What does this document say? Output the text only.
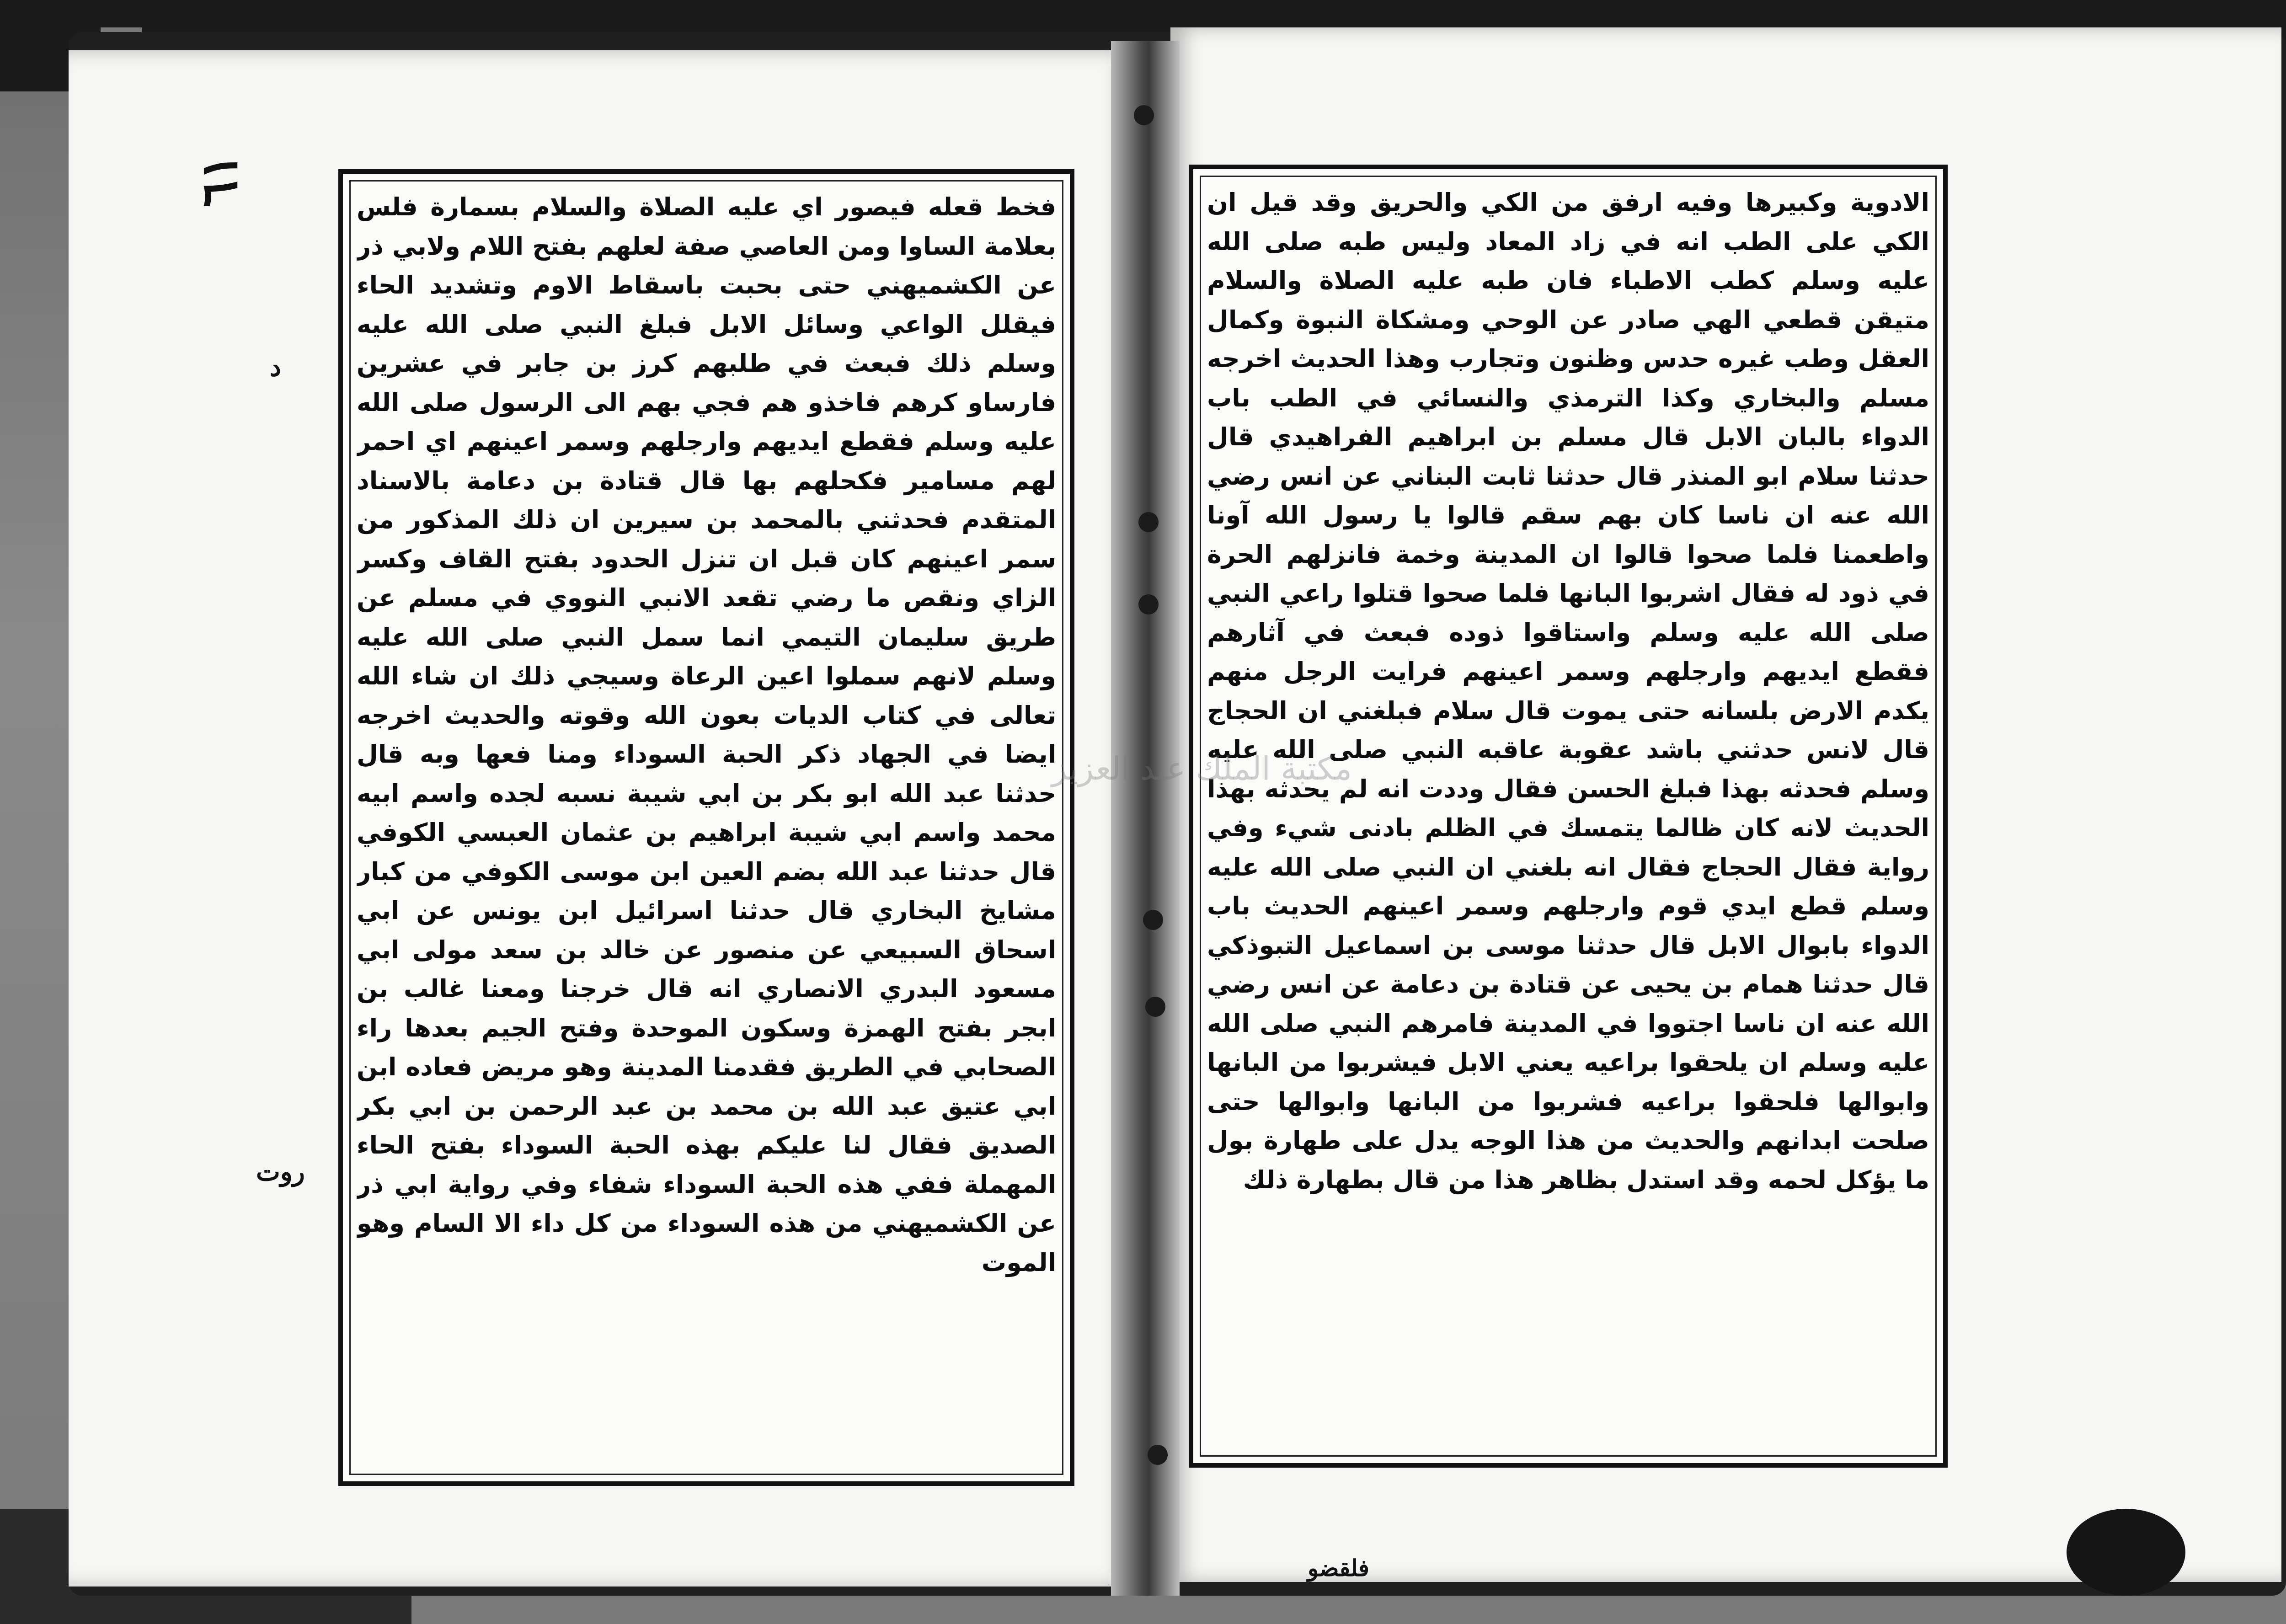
فخط قعله فيصور اي عليه الصلاة والسلام بسمارة فلس بعلامة الساوا ومن العاصي صفة لعلهم بفتح اللام ولابي ذر عن الكشميهني حتى بحبت باسقاط الاوم وتشديد الحاء فيقلل الواعي وسائل الابل فبلغ النبي صلى الله عليه وسلم ذلك فبعث في طلبهم كرز بن جابر في عشرين فارساو كرهم فاخذو هم فجي بهم الى الرسول صلى الله عليه وسلم فقطع ايديهم وارجلهم وسمر اعينهم اي احمر لهم مسامير فكحلهم بها قال قتادة بن دعامة بالاسناد المتقدم فحدثني بالمحمد بن سيرين ان ذلك المذكور من سمر اعينهم كان قبل ان تنزل الحدود بفتح القاف وكسر الزاي ونقص ما رضي تقعد الانبي النووي في مسلم عن طريق سليمان التيمي انما سمل النبي صلى الله عليه وسلم لانهم سملوا اعين الرعاة وسيجي ذلك ان شاء الله تعالى في كتاب الديات بعون الله وقوته والحديث اخرجه ايضا في الجهاد ذكر الحبة السوداء ومنا فعها وبه قال حدثنا عبد الله ابو بكر بن ابي شيبة نسبه لجده واسم ابيه محمد واسم ابي شيبة ابراهيم بن عثمان العبسي الكوفي قال حدثنا عبد الله بضم العين ابن موسى الكوفي من كبار مشايخ البخاري قال حدثنا اسرائيل ابن يونس عن ابي اسحاق السبيعي عن منصور عن خالد بن سعد مولى ابي مسعود البدري الانصاري انه قال خرجنا ومعنا غالب بن ابجر بفتح الهمزة وسكون الموحدة وفتح الجيم بعدها راء الصحابي في الطريق فقدمنا المدينة وهو مريض فعاده ابن ابي عتيق عبد الله بن محمد بن عبد الرحمن بن ابي بكر الصديق فقال لنا عليكم بهذه الحبة السوداء بفتح الحاء المهملة ففي هذه الحبة السوداء شفاء وفي رواية ابي ذر عن الكشميهني من هذه السوداء من كل داء الا السام وهو الموت
الادوية وكبيرها وفيه ارفق من الكي والحريق وقد قيل ان الكي على الطب انه في زاد المعاد وليس طبه صلى الله عليه وسلم كطب الاطباء فان طبه عليه الصلاة والسلام متيقن قطعي الهي صادر عن الوحي ومشكاة النبوة وكمال العقل وطب غيره حدس وظنون وتجارب وهذا الحديث اخرجه مسلم والبخاري وكذا الترمذي والنسائي في الطب باب الدواء بالبان الابل قال مسلم بن ابراهيم الفراهيدي قال حدثنا سلام ابو المنذر قال حدثنا ثابت البناني عن انس رضي الله عنه ان ناسا كان بهم سقم قالوا يا رسول الله آونا واطعمنا فلما صحوا قالوا ان المدينة وخمة فانزلهم الحرة في ذود له فقال اشربوا البانها فلما صحوا قتلوا راعي النبي صلى الله عليه وسلم واستاقوا ذوده فبعث في آثارهم فقطع ايديهم وارجلهم وسمر اعينهم فرايت الرجل منهم يكدم الارض بلسانه حتى يموت قال سلام فبلغني ان الحجاج قال لانس حدثني باشد عقوبة عاقبه النبي صلى الله عليه وسلم فحدثه بهذا فبلغ الحسن فقال وددت انه لم يحدثه بهذا الحديث لانه كان ظالما يتمسك في الظلم بادنى شيء وفي رواية فقال الحجاج فقال انه بلغني ان النبي صلى الله عليه وسلم قطع ايدي قوم وارجلهم وسمر اعينهم الحديث باب الدواء بابوال الابل قال حدثنا موسى بن اسماعيل التبوذكي قال حدثنا همام بن يحيى عن قتادة بن دعامة عن انس رضي الله عنه ان ناسا اجتووا في المدينة فامرهم النبي صلى الله عليه وسلم ان يلحقوا براعيه يعني الابل فيشربوا من البانها وابوالها فلحقوا براعيه فشربوا من البانها وابوالها حتى صلحت ابدانهم والحديث من هذا الوجه يدل على طهارة بول ما يؤكل لحمه وقد استدل بظاهر هذا من قال بطهارة ذلك
٦١
د
روت
فلقضو
مكتبة الملك عبد العزيز
